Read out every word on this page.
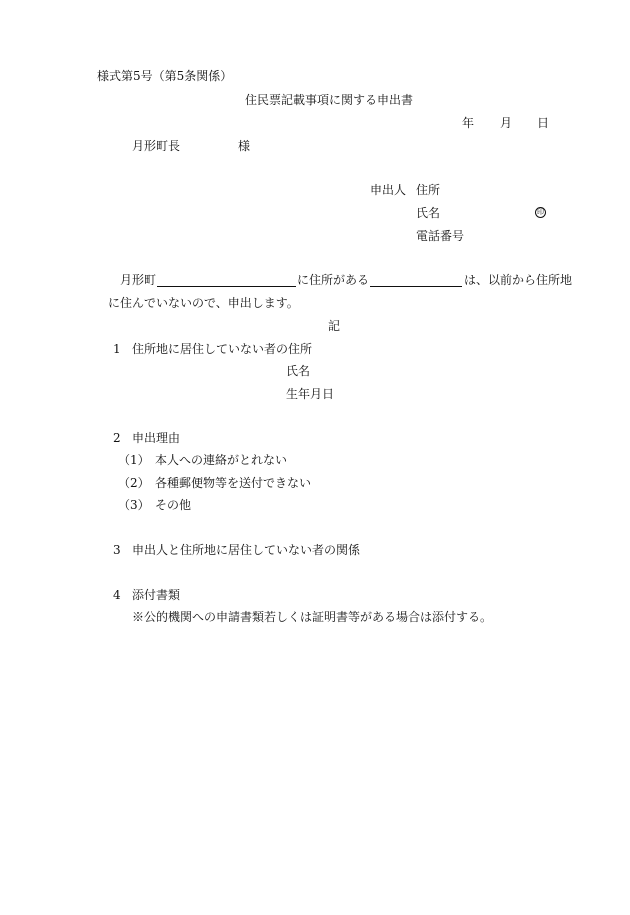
様式第5号（第5条関係）
住民票記載事項に関する申出書
年 月 日
月形町長	様
申出人 住所
氏名	印
電話番号
月形町	に住所がある	は、以前から住所地
に住んでいないので、申出します。
記
1 住所地に居住していない者の住所
氏名
生年月日
2 申出理由
（1） 本人への連絡がとれない
（2） 各種郵便物等を送付できない
（3） その他
3 申出人と住所地に居住していない者の関係
4 添付書類
※公的機関への申請書類若しくは証明書等がある場合は添付する。
